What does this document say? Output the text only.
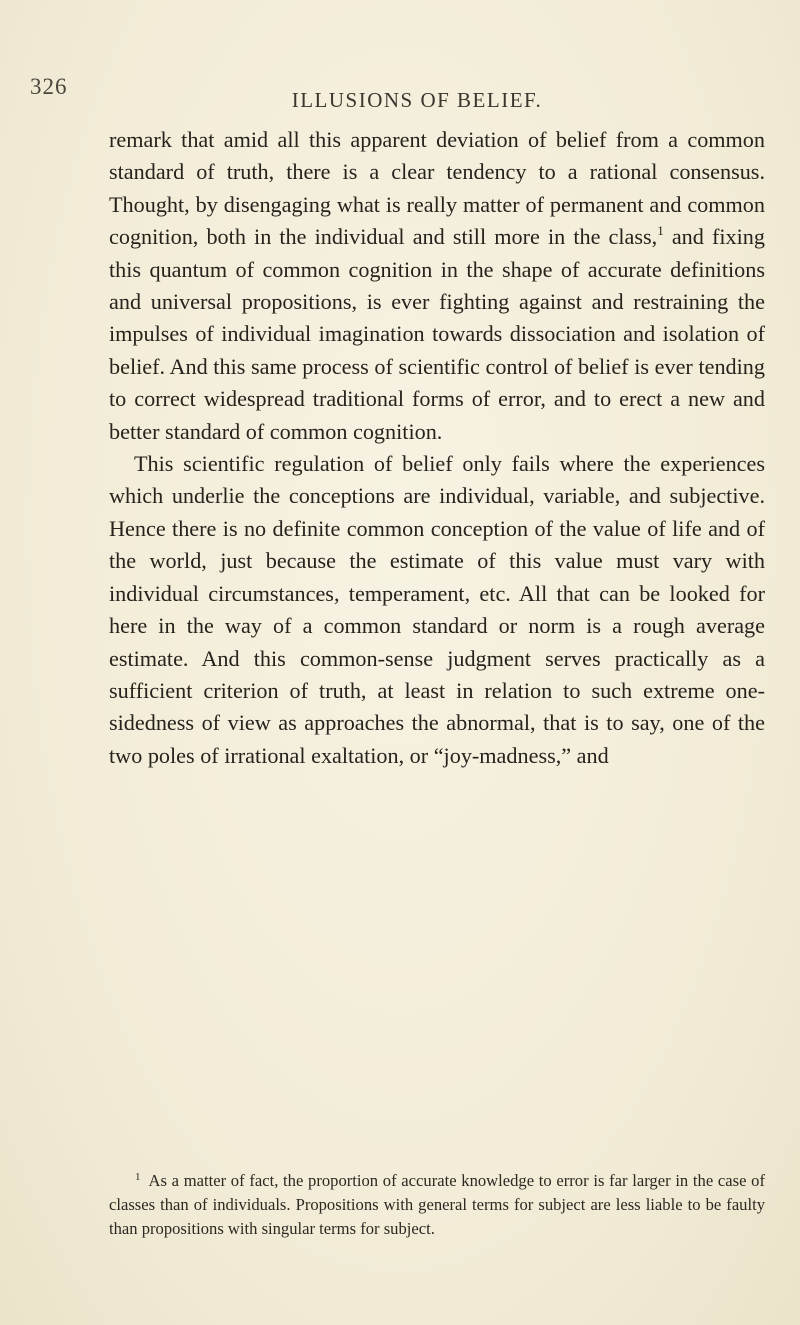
326
ILLUSIONS OF BELIEF.

remark that amid all this apparent deviation of belief from a common standard of truth, there is a clear tendency to a rational consensus. Thought, by disengaging what is really matter of permanent and common cognition, both in the individual and still more in the class,$^1$ and fixing this quantum of common cognition in the shape of accurate definitions and universal propositions, is ever fighting against and restraining the impulses of individual imagination towards dissociation and isolation of belief. And this same process of scientific control of belief is ever tending to correct widespread traditional forms of error, and to erect a new and better standard of common cognition.

This scientific regulation of belief only fails where the experiences which underlie the conceptions are individual, variable, and subjective. Hence there is no definite common conception of the value of life and of the world, just because the estimate of this value must vary with individual circumstances, temperament, etc. All that can be looked for here in the way of a common standard or norm is a rough average estimate. And this common-sense judgment serves practically as a sufficient criterion of truth, at least in relation to such extreme one-sidedness of view as approaches the abnormal, that is to say, one of the two poles of irrational exaltation, or “joy-madness,” and

$^1$ As a matter of fact, the proportion of accurate knowledge to error is far larger in the case of classes than of individuals. Propositions with general terms for subject are less liable to be faulty than propositions with singular terms for subject.
